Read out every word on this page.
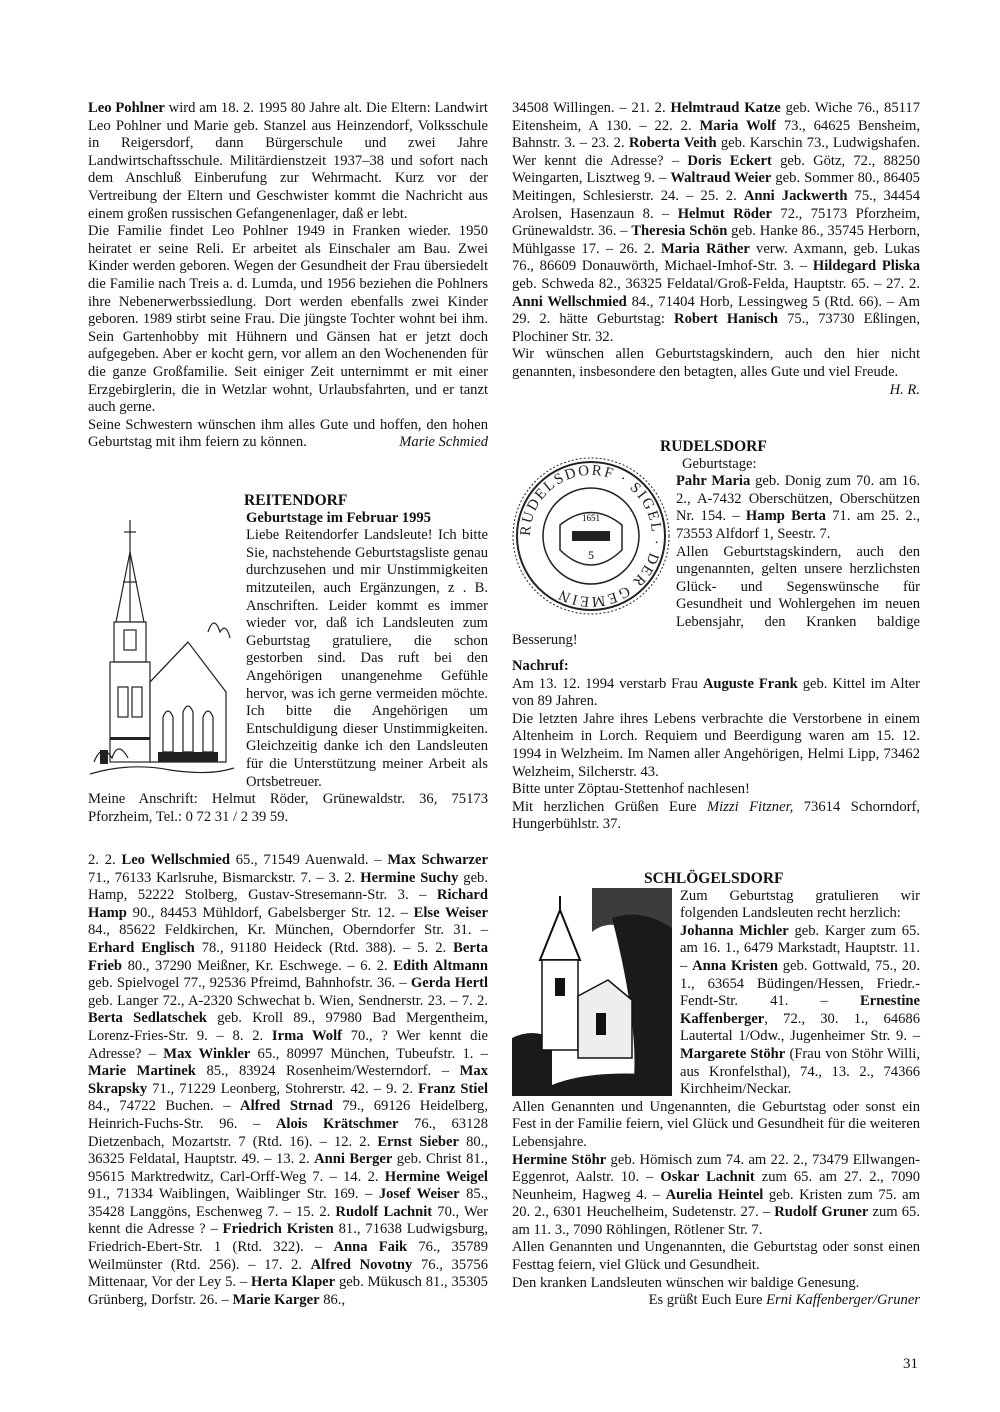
Leo Pohlner wird am 18. 2. 1995 80 Jahre alt. Die Eltern: Landwirt Leo Pohlner und Marie geb. Stanzel aus Heinzendorf, Volksschule in Reigersdorf, dann Bürgerschule und zwei Jahre Landwirtschaftsschule. Militärdienstzeit 1937–38 und sofort nach dem Anschluß Einberufung zur Wehrmacht. Kurz vor der Vertreibung der Eltern und Geschwister kommt die Nachricht aus einem großen russischen Gefangenenlager, daß er lebt.

Die Familie findet Leo Pohlner 1949 in Franken wieder. 1950 heiratet er seine Reli. Er arbeitet als Einschaler am Bau. Zwei Kinder werden geboren. Wegen der Gesundheit der Frau übersiedelt die Familie nach Treis a. d. Lumda, und 1956 beziehen die Pohlners ihre Nebenerwerbssiedlung. Dort werden ebenfalls zwei Kinder geboren. 1989 stirbt seine Frau. Die jüngste Tochter wohnt bei ihm. Sein Gartenhobby mit Hühnern und Gänsen hat er jetzt doch aufgegeben. Aber er kocht gern, vor allem an den Wochenenden für die ganze Großfamilie. Seit einiger Zeit unternimmt er mit einer Erzgebirglerin, die in Wetzlar wohnt, Urlaubsfahrten, und er tanzt auch gerne.

Seine Schwestern wünschen ihm alles Gute und hoffen, den hohen Geburtstag mit ihm feiern zu können.	Marie Schmied

REITENDORF

Geburtstage im Februar 1995

Liebe Reitendorfer Landsleute! Ich bitte Sie, nachstehende Geburtstagsliste genau durchzusehen und mir Unstimmigkeiten mitzuteilen, auch Ergänzungen, z . B. Anschriften. Leider kommt es immer wieder vor, daß ich Landsleuten zum Geburtstag gratuliere, die schon gestorben sind. Das ruft bei den Angehörigen unangenehme Gefühle hervor, was ich gerne vermeiden möchte. Ich bitte die Angehörigen um Entschuldigung dieser Unstimmigkeiten. Gleichzeitig danke ich den Landsleuten für die Unterstützung meiner Arbeit als Ortsbetreuer.

Meine Anschrift: Helmut Röder, Grünewaldstr. 36, 75173 Pforzheim, Tel.: 0 72 31 / 2 39 59.

2. 2. Leo Wellschmied 65., 71549 Auenwald. – Max Schwarzer 71., 76133 Karlsruhe, Bismarckstr. 7. – 3. 2. Hermine Suchy geb. Hamp, 52222 Stolberg, Gustav-Stresemann-Str. 3. – Richard Hamp 90., 84453 Mühldorf, Gabelsberger Str. 12. – Else Weiser 84., 85622 Feldkirchen, Kr. München, Oberndorfer Str. 31. – Erhard Englisch 78., 91180 Heideck (Rtd. 388). – 5. 2. Berta Frieb 80., 37290 Meißner, Kr. Eschwege. – 6. 2. Edith Altmann geb. Spielvogel 77., 92536 Pfreimd, Bahnhofstr. 36. – Gerda Hertl geb. Langer 72., A-2320 Schwechat b. Wien, Sendnerstr. 23. – 7. 2. Berta Sedlatschek geb. Kroll 89., 97980 Bad Mergentheim, Lorenz-Fries-Str. 9. – 8. 2. Irma Wolf 70., ? Wer kennt die Adresse? – Max Winkler 65., 80997 München, Tubeufstr. 1. – Marie Martinek 85., 83924 Rosenheim/Westerndorf. – Max Skrapsky 71., 71229 Leonberg, Stohrerstr. 42. – 9. 2. Franz Stiel 84., 74722 Buchen. – Alfred Strnad 79., 69126 Heidelberg, Heinrich-Fuchs-Str. 96. – Alois Krätschmer 76., 63128 Dietzenbach, Mozartstr. 7 (Rtd. 16). – 12. 2. Ernst Sieber 80., 36325 Feldatal, Hauptstr. 49. – 13. 2. Anni Berger geb. Christ 81., 95615 Marktredwitz, Carl-Orff-Weg 7. – 14. 2. Hermine Weigel 91., 71334 Waiblingen, Waiblinger Str. 169. – Josef Weiser 85., 35428 Langgöns, Eschenweg 7. – 15. 2. Rudolf Lachnit 70., Wer kennt die Adresse ? – Friedrich Kristen 81., 71638 Ludwigsburg, Friedrich-Ebert-Str. 1 (Rtd. 322). – Anna Faik 76., 35789 Weilmünster (Rtd. 256). – 17. 2. Alfred Novotny 76., 35756 Mittenaar, Vor der Ley 5. – Herta Klaper geb. Mükusch 81., 35305 Grünberg, Dorfstr. 26. – Marie Karger 86.,

34508 Willingen. – 21. 2. Helmtraud Katze geb. Wiche 76., 85117 Eitensheim, A 130. – 22. 2. Maria Wolf 73., 64625 Bensheim, Bahnstr. 3. – 23. 2. Roberta Veith geb. Karschin 73., Ludwigshafen. Wer kennt die Adresse? – Doris Eckert geb. Götz, 72., 88250 Weingarten, Lisztweg 9. – Waltraud Weier geb. Sommer 80., 86405 Meitingen, Schlesierstr. 24. – 25. 2. Anni Jackwerth 75., 34454 Arolsen, Hasenzaun 8. – Helmut Röder 72., 75173 Pforzheim, Grünewaldstr. 36. – Theresia Schön geb. Hanke 86., 35745 Herborn, Mühlgasse 17. – 26. 2. Maria Räther verw. Axmann, geb. Lukas 76., 86609 Donauwörth, Michael-Imhof-Str. 3. – Hildegard Pliska geb. Schweda 82., 36325 Feldatal/Groß-Felda, Hauptstr. 65. – 27. 2. Anni Wellschmied 84., 71404 Horb, Lessingweg 5 (Rtd. 66). – Am 29. 2. hätte Geburtstag: Robert Hanisch 75., 73730 Eßlingen, Plochiner Str. 32.

Wir wünschen allen Geburtstagskindern, auch den hier nicht genannten, insbesondere den betagten, alles Gute und viel Freude.

H. R.

RUDELSDORF

Geburtstage:

RUDELSDORF · SIGEL · DER GEMEIN
1651
5

Pahr Maria geb. Donig zum 70. am 16. 2., A-7432 Oberschützen, Oberschützen Nr. 154. – Hamp Berta 71. am 25. 2., 73553 Alfdorf 1, Seestr. 7.

Allen Geburtstagskindern, auch den ungenannten, gelten unsere herzlichsten Glück- und Segenswünsche für Gesundheit und Wohlergehen im neuen Lebensjahr, den Kranken baldige Besserung!

Nachruf:

Am 13. 12. 1994 verstarb Frau Auguste Frank geb. Kittel im Alter von 89 Jahren.

Die letzten Jahre ihres Lebens verbrachte die Verstorbene in einem Altenheim in Lorch. Requiem und Beerdigung waren am 15. 12. 1994 in Welzheim. Im Namen aller Angehörigen, Helmi Lipp, 73462 Welzheim, Silcherstr. 43.

Bitte unter Zöptau-Stettenhof nachlesen!

Mit herzlichen Grüßen Eure Mizzi Fitzner, 73614 Schorndorf, Hungerbühlstr. 37.

SCHLÖGELSDORF

Zum Geburtstag gratulieren wir folgenden Landsleuten recht herzlich:

Johanna Michler geb. Karger zum 65. am 16. 1., 6479 Markstadt, Hauptstr. 11. – Anna Kristen geb. Gottwald, 75., 20. 1., 63654 Büdingen/Hessen, Friedr.-Fendt-Str. 41. – Ernestine Kaffenberger, 72., 30. 1., 64686 Lautertal 1/Odw., Jugenheimer Str. 9. – Margarete Stöhr (Frau von Stöhr Willi, aus Kronfelsthal), 74., 13. 2., 74366 Kirchheim/Neckar.

Allen Genannten und Ungenannten, die Geburtstag oder sonst ein Fest in der Familie feiern, viel Glück und Gesundheit für die weiteren Lebensjahre.

Hermine Stöhr geb. Hömisch zum 74. am 22. 2., 73479 Ellwangen-Eggenrot, Aalstr. 10. – Oskar Lachnit zum 65. am 27. 2., 7090 Neunheim, Hagweg 4. – Aurelia Heintel geb. Kristen zum 75. am 20. 2., 6301 Heuchelheim, Sudetenstr. 27. – Rudolf Gruner zum 65. am 11. 3., 7090 Röhlingen, Rötlener Str. 7.

Allen Genannten und Ungenannten, die Geburtstag oder sonst einen Festtag feiern, viel Glück und Gesundheit.

Den kranken Landsleuten wünschen wir baldige Genesung.

Es grüßt Euch Eure Erni Kaffenberger/Gruner

31
